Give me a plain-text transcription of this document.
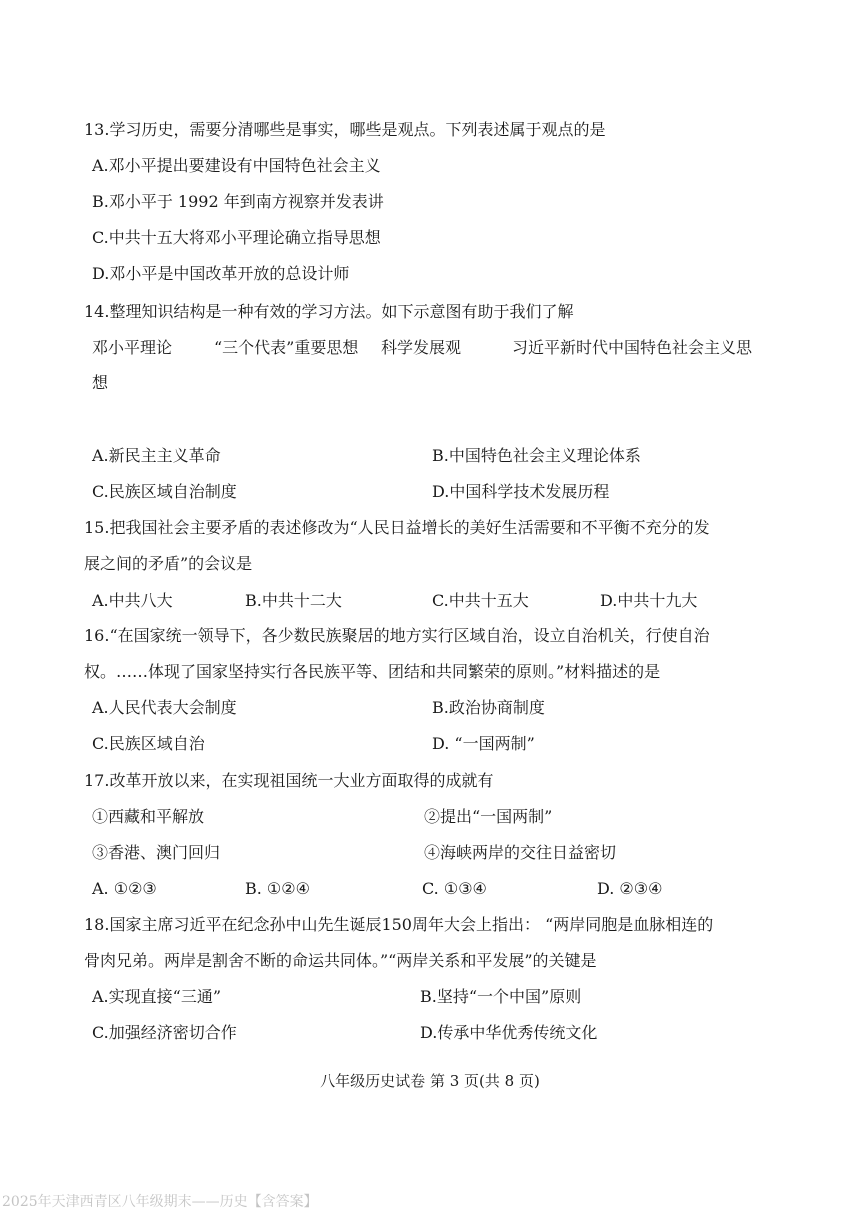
13.学习历史，需要分清哪些是事实，哪些是观点。下列表述属于观点的是
A.邓小平提出要建设有中国特色社会主义
B.邓小平于 1992 年到南方视察并发表讲
C.中共十五大将邓小平理论确立指导思想
D.邓小平是中国改革开放的总设计师
14.整理知识结构是一种有效的学习方法。如下示意图有助于我们了解
邓小平理论	“三个代表”重要思想 科学发展观	习近平新时代中国特色社会主义思
想
A.新民主主义革命	B.中国特色社会主义理论体系
C.民族区域自治制度	D.中国科学技术发展历程
15.把我国社会主要矛盾的表述修改为“人民日益增长的美好生活需要和不平衡不充分的发
展之间的矛盾”的会议是
A.中共八大	B.中共十二大	C.中共十五大	D.中共十九大
16.“在国家统一领导下，各少数民族聚居的地方实行区域自治，设立自治机关，行使自治
权。……体现了国家坚持实行各民族平等、团结和共同繁荣的原则。”材料描述的是
A.人民代表大会制度	B.政治协商制度
C.民族区域自治	D. “一国两制”
17.改革开放以来，在实现祖国统一大业方面取得的成就有
①西藏和平解放	②提出“一国两制”
③香港、澳门回归	④海峡两岸的交往日益密切
A. ①②③	B. ①②④	C. ①③④	D. ②③④
18.国家主席习近平在纪念孙中山先生诞辰150周年大会上指出： “两岸同胞是血脉相连的
骨肉兄弟。两岸是割舍不断的命运共同体。”“两岸关系和平发展”的关键是
A.实现直接“三通”	B.坚持“一个中国”原则
C.加强经济密切合作	D.传承中华优秀传统文化
八年级历史试卷 第 3 页(共 8 页)
2025年天津西青区八年级期末——历史【含答案】
